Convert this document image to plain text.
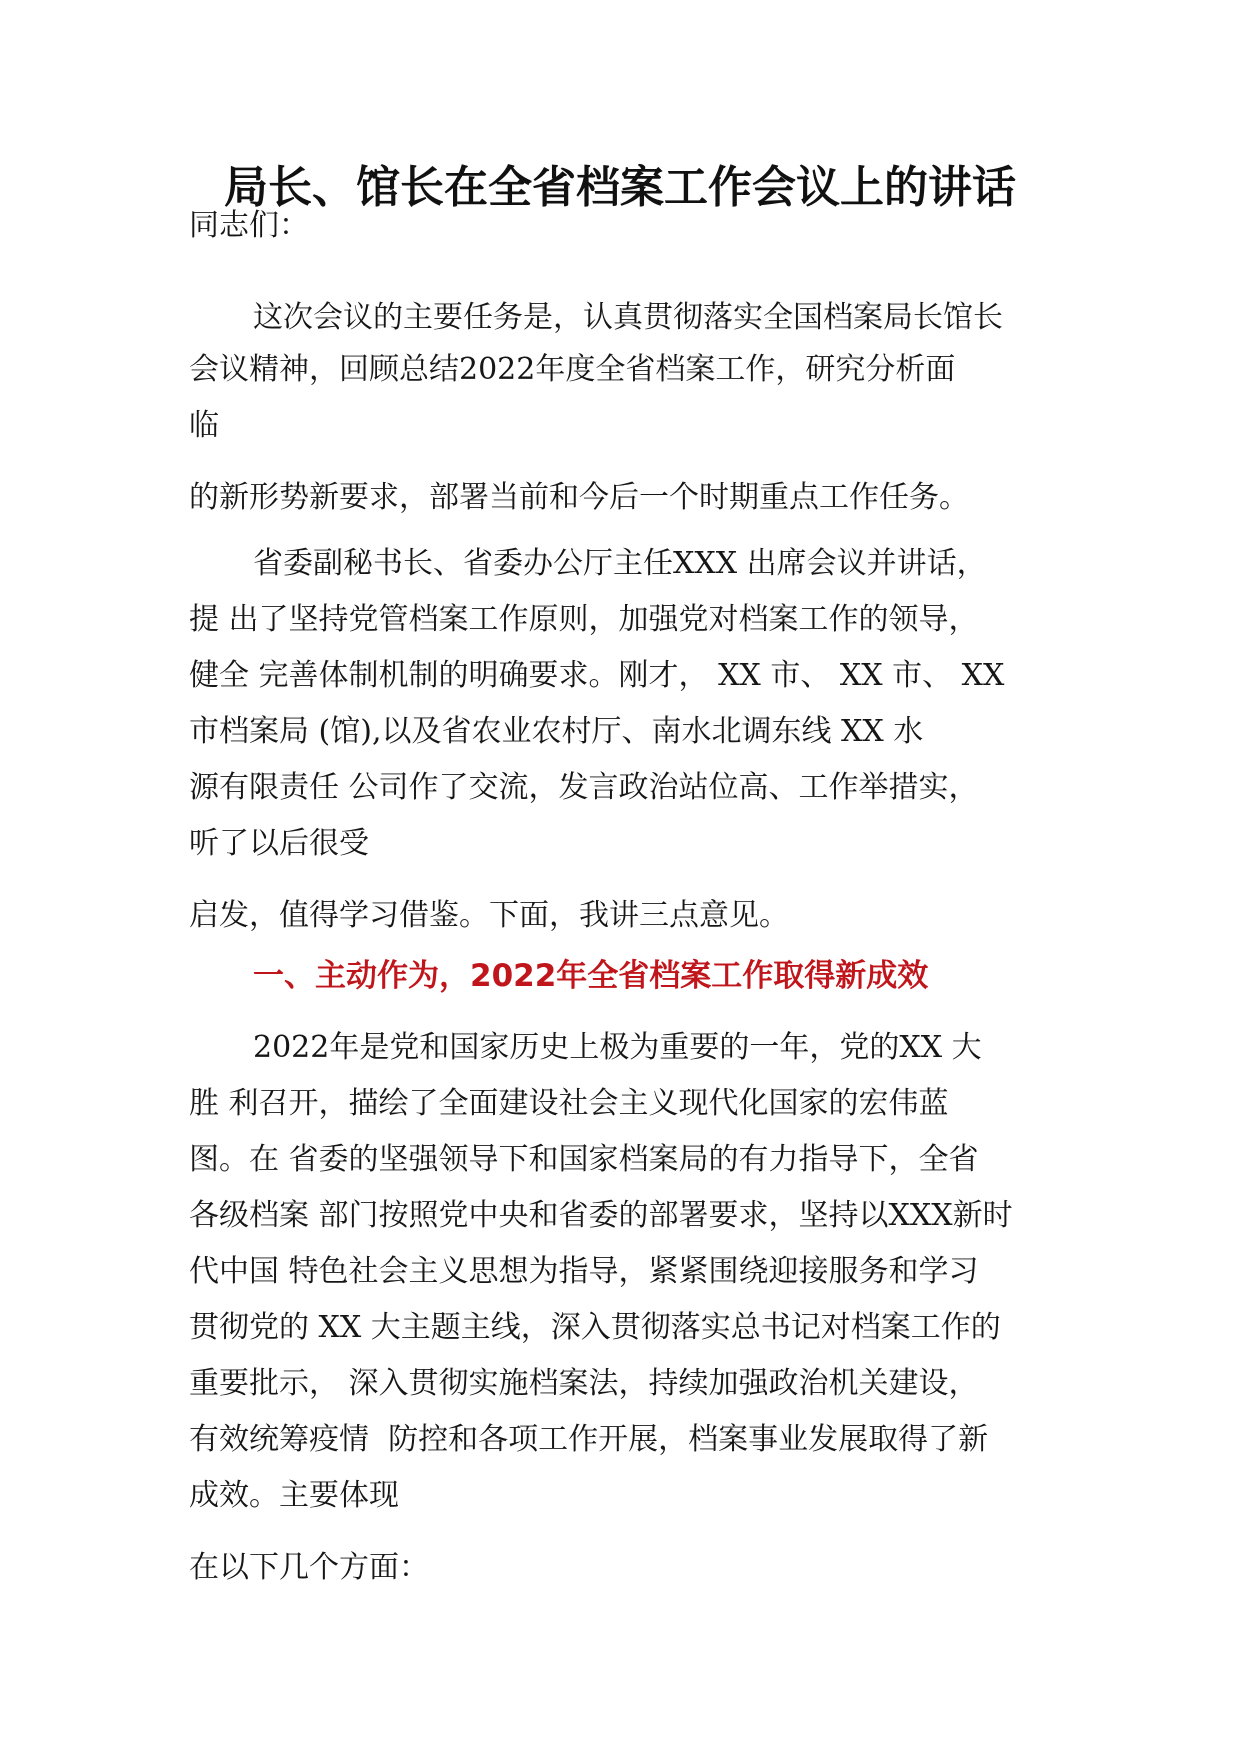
局长、馆长在全省档案工作会议上的讲话

同志们：

这次会议的主要任务是，认真贯彻落实全国档案局长馆长

会议精神，回顾总结2022年度全省档案工作，研究分析面

临

的新形势新要求，部署当前和今后一个时期重点工作任务。

省委副秘书长、省委办公厅主任XXX 出席会议并讲话，

提 出了坚持党管档案工作原则，加强党对档案工作的领导，

健全 完善体制机制的明确要求。刚才， XX 市、 XX 市、 XX

市档案局 (馆),以及省农业农村厅、南水北调东线 XX 水

源有限责任 公司作了交流，发言政治站位高、工作举措实，

听了以后很受

启发，值得学习借鉴。下面，我讲三点意见。

一、主动作为，2022年全省档案工作取得新成效

2022年是党和国家历史上极为重要的一年，党的XX 大

胜 利召开，描绘了全面建设社会主义现代化国家的宏伟蓝

图。在 省委的坚强领导下和国家档案局的有力指导下，全省

各级档案 部门按照党中央和省委的部署要求，坚持以XXX新时

代中国 特色社会主义思想为指导，紧紧围绕迎接服务和学习

贯彻党的 XX 大主题主线，深入贯彻落实总书记对档案工作的

重要批示， 深入贯彻实施档案法，持续加强政治机关建设，

有效统筹疫情  防控和各项工作开展，档案事业发展取得了新

成效。主要体现

在以下几个方面：
